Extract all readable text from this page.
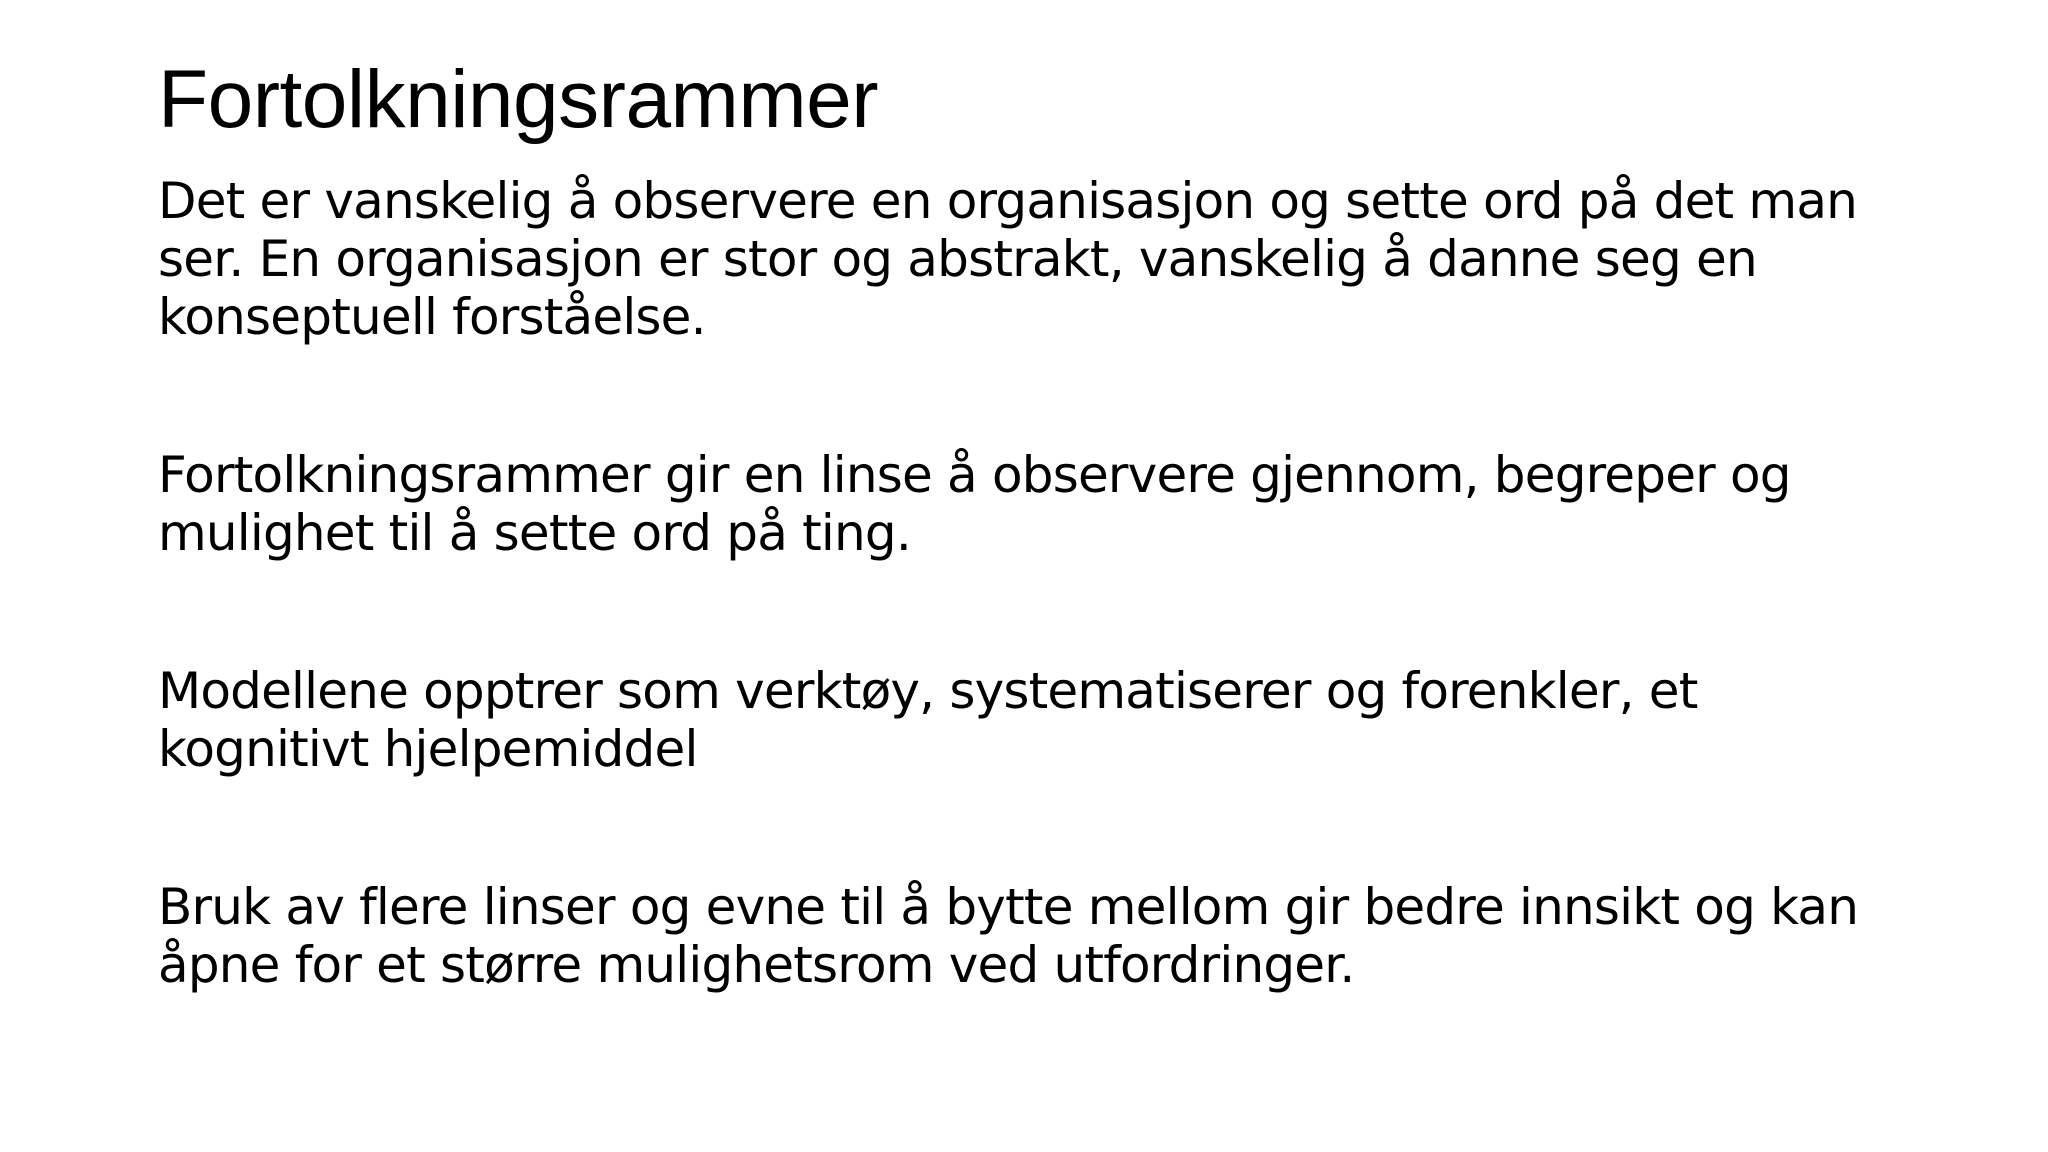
Fortolkningsrammer

Det er vanskelig å observere en organisasjon og sette ord på det man ser. En organisasjon er stor og abstrakt, vanskelig å danne seg en konseptuell forståelse.

Fortolkningsrammer gir en linse å observere gjennom, begreper og mulighet til å sette ord på ting.

Modellene opptrer som verktøy, systematiserer og forenkler, et kognitivt hjelpemiddel

Bruk av flere linser og evne til å bytte mellom gir bedre innsikt og kan åpne for et større mulighetsrom ved utfordringer.
